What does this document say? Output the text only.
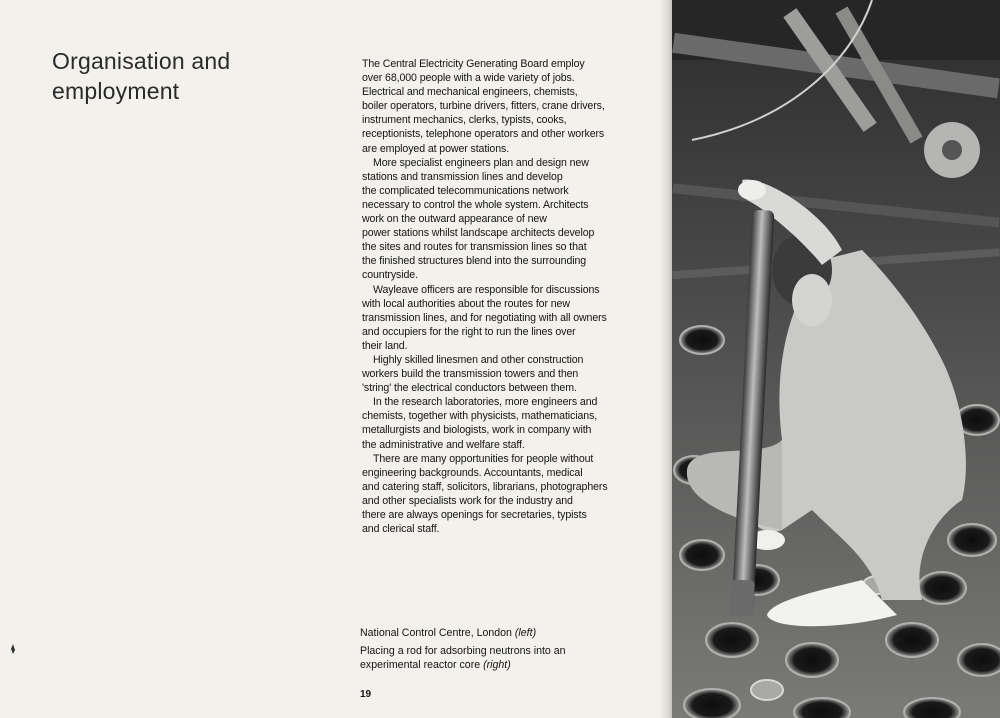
Organisation and
employment

The Central Electricity Generating Board employ
over 68,000 people with a wide variety of jobs.
Electrical and mechanical engineers, chemists,
boiler operators, turbine drivers, fitters, crane drivers,
instrument mechanics, clerks, typists, cooks,
receptionists, telephone operators and other workers
are employed at power stations.

More specialist engineers plan and design new
stations and transmission lines and develop
the complicated telecommunications network
necessary to control the whole system. Architects
work on the outward appearance of new
power stations whilst landscape architects develop
the sites and routes for transmission lines so that
the finished structures blend into the surrounding
countryside.

Wayleave officers are responsible for discussions
with local authorities about the routes for new
transmission lines, and for negotiating with all owners
and occupiers for the right to run the lines over
their land.

Highly skilled linesmen and other construction
workers build the transmission towers and then
'string' the electrical conductors between them.

In the research laboratories, more engineers and
chemists, together with physicists, mathematicians,
metallurgists and biologists, work in company with
the administrative and welfare staff.

There are many opportunities for people without
engineering backgrounds. Accountants, medical
and catering staff, solicitors, librarians, photographers
and other specialists work for the industry and
there are always openings for secretaries, typists
and clerical staff.

National Control Centre, London (left)

Placing a rod for adsorbing neutrons into an
experimental reactor core (right)

19
